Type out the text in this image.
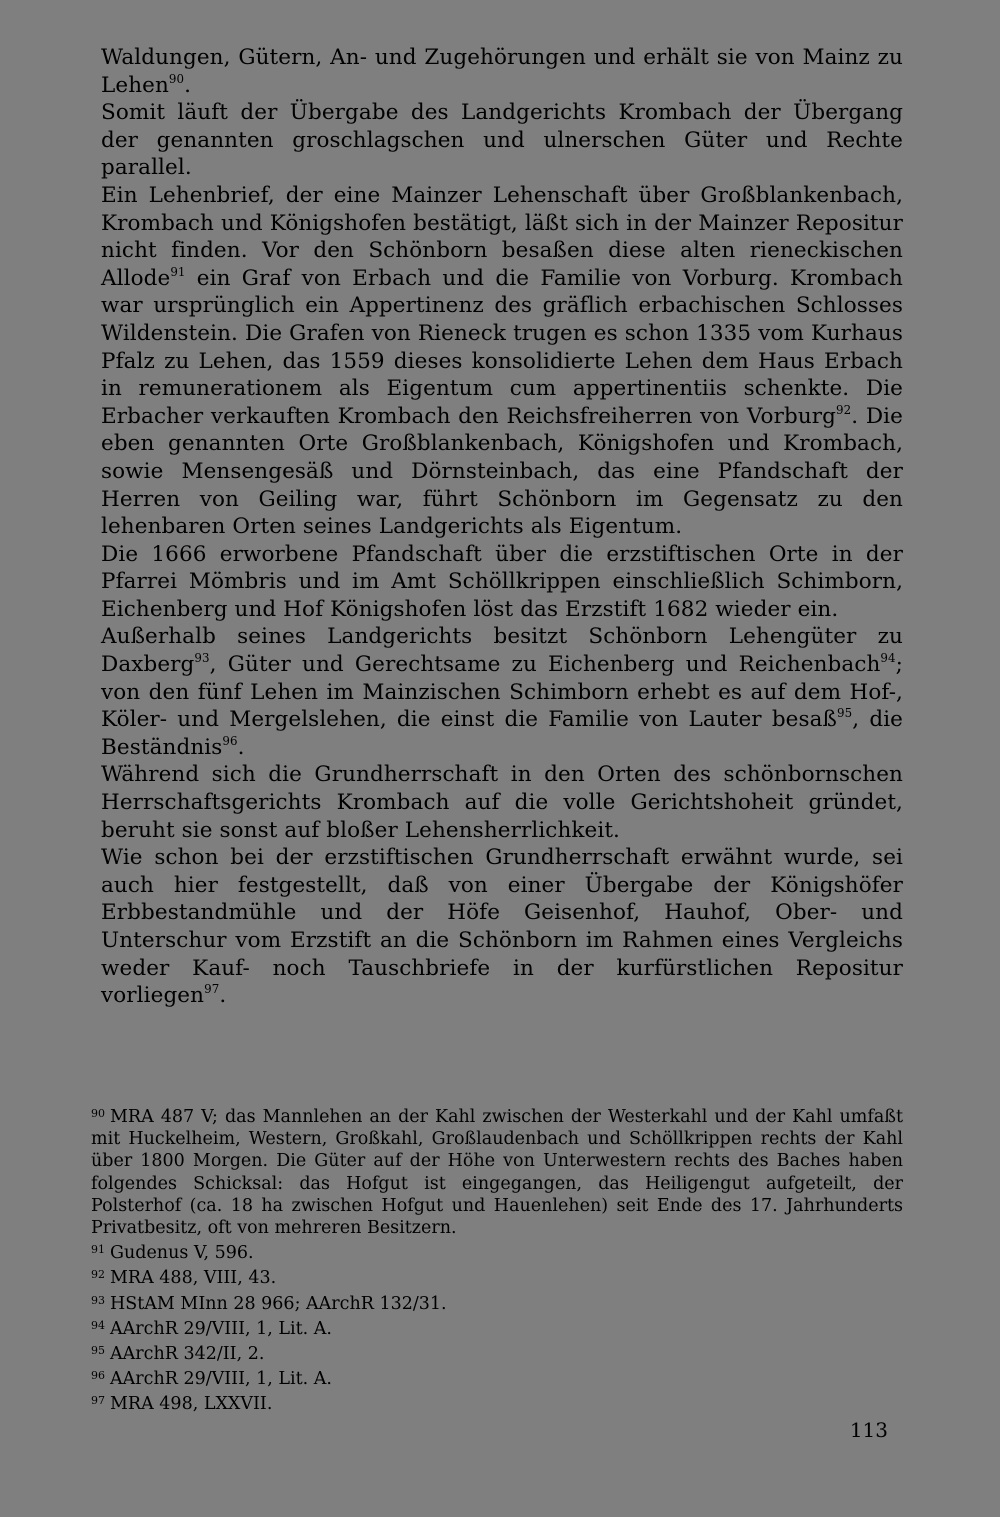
Waldungen, Gütern, An- und Zugehörungen und erhält sie von Mainz zu Lehen$^{90}$.

Somit läuft der Übergabe des Landgerichts Krombach der Übergang der genannten groschlagschen und ulnerschen Güter und Rechte parallel.

Ein Lehenbrief, der eine Mainzer Lehenschaft über Großblankenbach, Krombach und Königshofen bestätigt, läßt sich in der Mainzer Repositur nicht finden. Vor den Schönborn besaßen diese alten rieneckischen Allode$^{91}$ ein Graf von Erbach und die Familie von Vorburg. Krombach war ursprünglich ein Appertinenz des gräflich erbachischen Schlosses Wildenstein. Die Grafen von Rieneck trugen es schon 1335 vom Kurhaus Pfalz zu Lehen, das 1559 dieses konsolidierte Lehen dem Haus Erbach in remunerationem als Eigentum cum appertinentiis schenkte. Die Erbacher verkauften Krombach den Reichsfreiherren von Vorburg$^{92}$. Die eben genannten Orte Großblankenbach, Königshofen und Krombach, sowie Mensengesäß und Dörnsteinbach, das eine Pfandschaft der Herren von Geiling war, führt Schönborn im Gegensatz zu den lehenbaren Orten seines Landgerichts als Eigentum.

Die 1666 erworbene Pfandschaft über die erzstiftischen Orte in der Pfarrei Mömbris und im Amt Schöllkrippen einschließlich Schimborn, Eichenberg und Hof Königshofen löst das Erzstift 1682 wieder ein.

Außerhalb seines Landgerichts besitzt Schönborn Lehengüter zu Daxberg$^{93}$, Güter und Gerechtsame zu Eichenberg und Reichenbach$^{94}$; von den fünf Lehen im Mainzischen Schimborn erhebt es auf dem Hof-, Köler- und Mergelslehen, die einst die Familie von Lauter besaß$^{95}$, die Beständnis$^{96}$.

Während sich die Grundherrschaft in den Orten des schönbornschen Herrschaftsgerichts Krombach auf die volle Gerichtshoheit gründet, beruht sie sonst auf bloßer Lehensherrlichkeit.

Wie schon bei der erzstiftischen Grundherrschaft erwähnt wurde, sei auch hier festgestellt, daß von einer Übergabe der Königshöfer Erbbestandmühle und der Höfe Geisenhof, Hauhof, Ober- und Unterschur vom Erzstift an die Schönborn im Rahmen eines Vergleichs weder Kauf- noch Tauschbriefe in der kurfürstlichen Repositur vorliegen$^{97}$.

$^{90}$ MRA 487 V; das Mannlehen an der Kahl zwischen der Westerkahl und der Kahl umfaßt mit Huckelheim, Western, Großkahl, Großlaudenbach und Schöllkrippen rechts der Kahl über 1800 Morgen. Die Güter auf der Höhe von Unterwestern rechts des Baches haben folgendes Schicksal: das Hofgut ist eingegangen, das Heiligengut aufgeteilt, der Polsterhof (ca. 18 ha zwischen Hofgut und Hauenlehen) seit Ende des 17. Jahrhunderts Privatbesitz, oft von mehreren Besitzern.

$^{91}$ Gudenus V, 596.

$^{92}$ MRA 488, VIII, 43.

$^{93}$ HStAM MInn 28 966; AArchR 132/31.

$^{94}$ AArchR 29/VIII, 1, Lit. A.

$^{95}$ AArchR 342/II, 2.

$^{96}$ AArchR 29/VIII, 1, Lit. A.

$^{97}$ MRA 498, LXXVII.

113
